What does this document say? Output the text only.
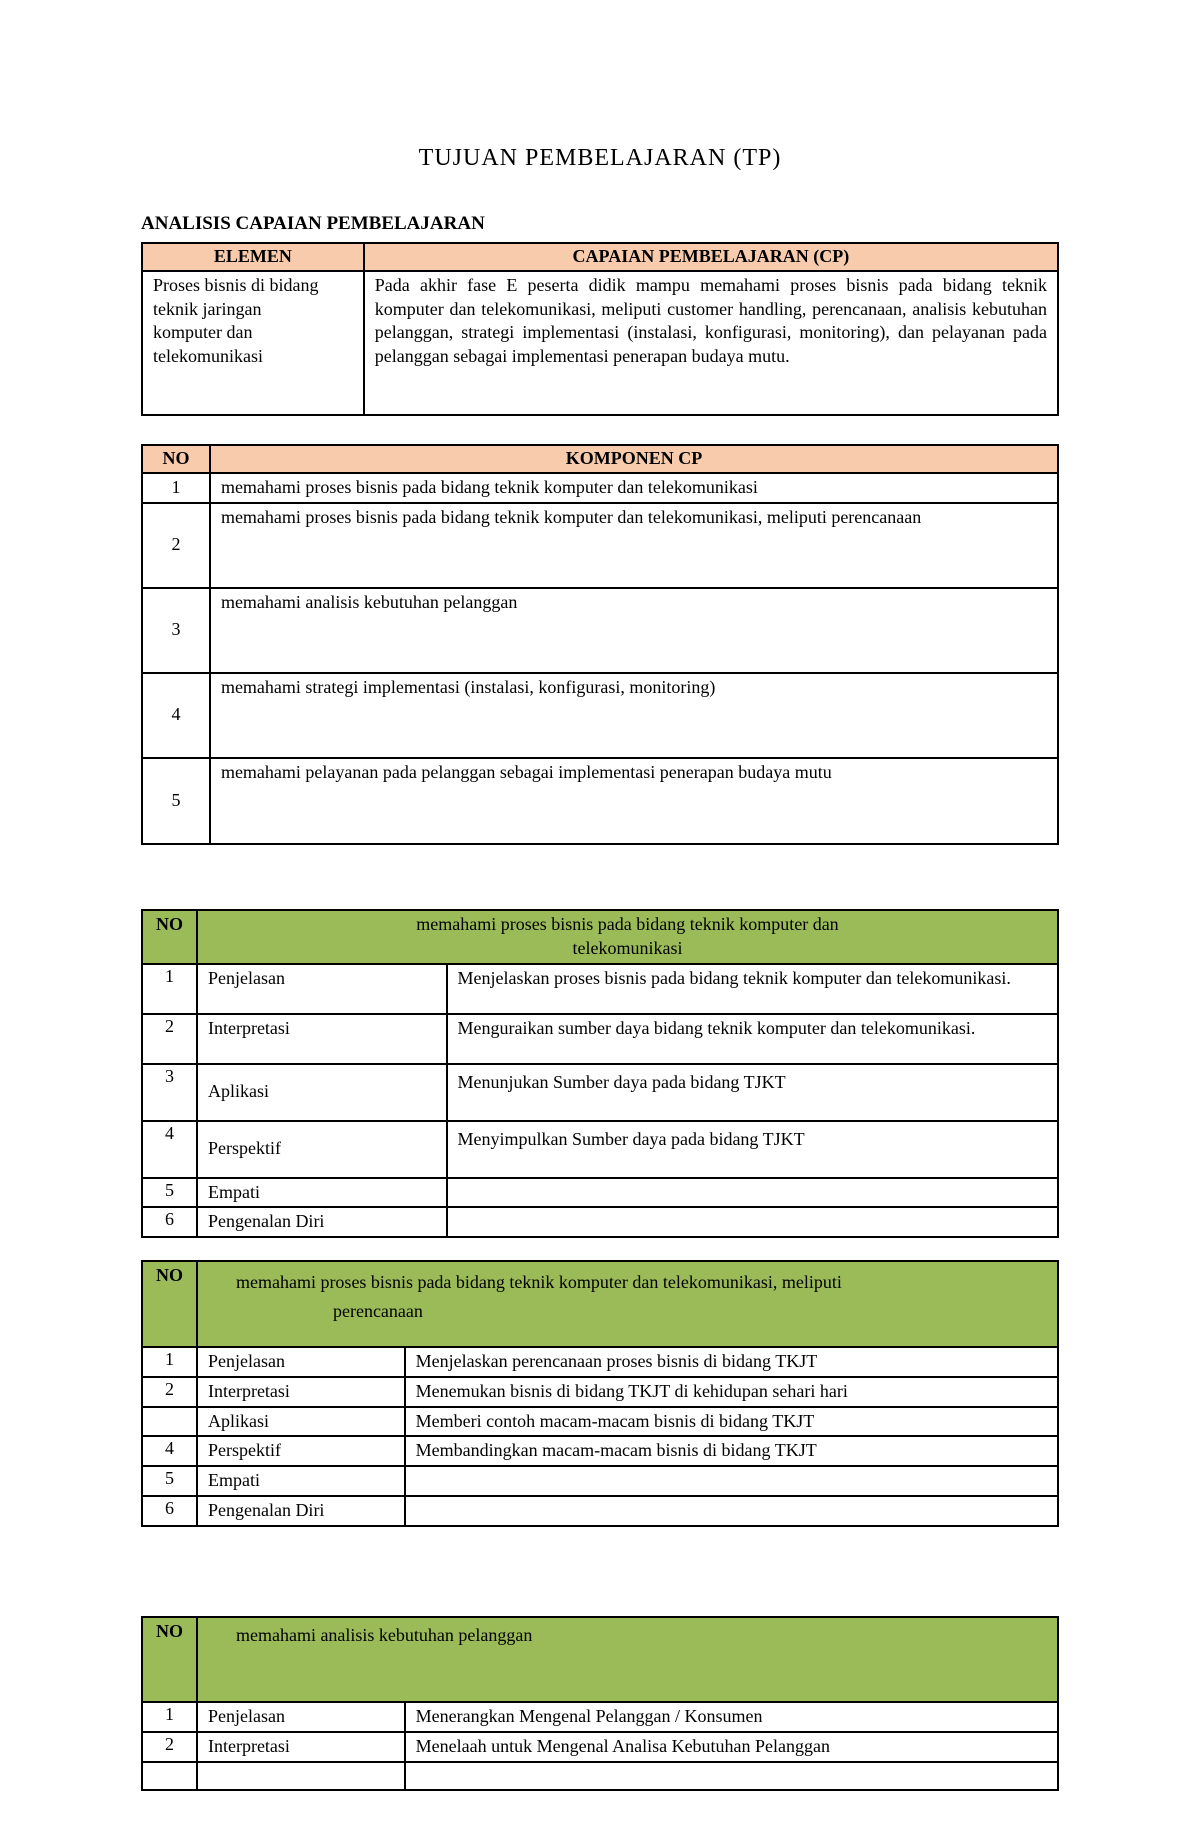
TUJUAN PEMBELAJARAN (TP)
ANALISIS CAPAIAN PEMBELAJARAN
ELEMEN	CAPAIAN PEMBELAJARAN (CP)
Proses bisnis di bidang teknik jaringan komputer dan telekomunikasi	Pada akhir fase E peserta didik mampu memahami proses bisnis pada bidang teknik komputer dan telekomunikasi, meliputi customer handling, perencanaan, analisis kebutuhan pelanggan, strategi implementasi (instalasi, konfigurasi, monitoring), dan pelayanan pada pelanggan sebagai implementasi penerapan budaya mutu.
NO	KOMPONEN CP
1	memahami proses bisnis pada bidang teknik komputer dan telekomunikasi
2	memahami proses bisnis pada bidang teknik komputer dan telekomunikasi, meliputi perencanaan
3	memahami analisis kebutuhan pelanggan
4	memahami strategi implementasi (instalasi, konfigurasi, monitoring)
5	memahami pelayanan pada pelanggan sebagai implementasi penerapan budaya mutu
NO	memahami proses bisnis pada bidang teknik komputer dan telekomunikasi	
1	Penjelasan	Menjelaskan proses bisnis pada bidang teknik komputer dan telekomunikasi.
2	Interpretasi	Menguraikan sumber daya bidang teknik komputer dan telekomunikasi.
3	Aplikasi	Menunjukan Sumber daya pada bidang TJKT
4	Perspektif	Menyimpulkan Sumber daya pada bidang TJKT
5	Empati	
6	Pengenalan Diri	
NO	memahami proses bisnis pada bidang teknik komputer dan telekomunikasi, meliputi
perencanaan	

1	Penjelasan	Menjelaskan perencanaan proses bisnis di bidang TKJT
2	Interpretasi	Menemukan bisnis di bidang TKJT di kehidupan sehari hari
	Aplikasi	Memberi contoh macam-macam bisnis di bidang TKJT
4	Perspektif	Membandingkan macam-macam bisnis di bidang TKJT
5	Empati	
6	Pengenalan Diri	
NO	memahami analisis kebutuhan pelanggan	
1	Penjelasan	Menerangkan Mengenal Pelanggan / Konsumen
2	Interpretasi	Menelaah untuk Mengenal Analisa Kebutuhan Pelanggan
